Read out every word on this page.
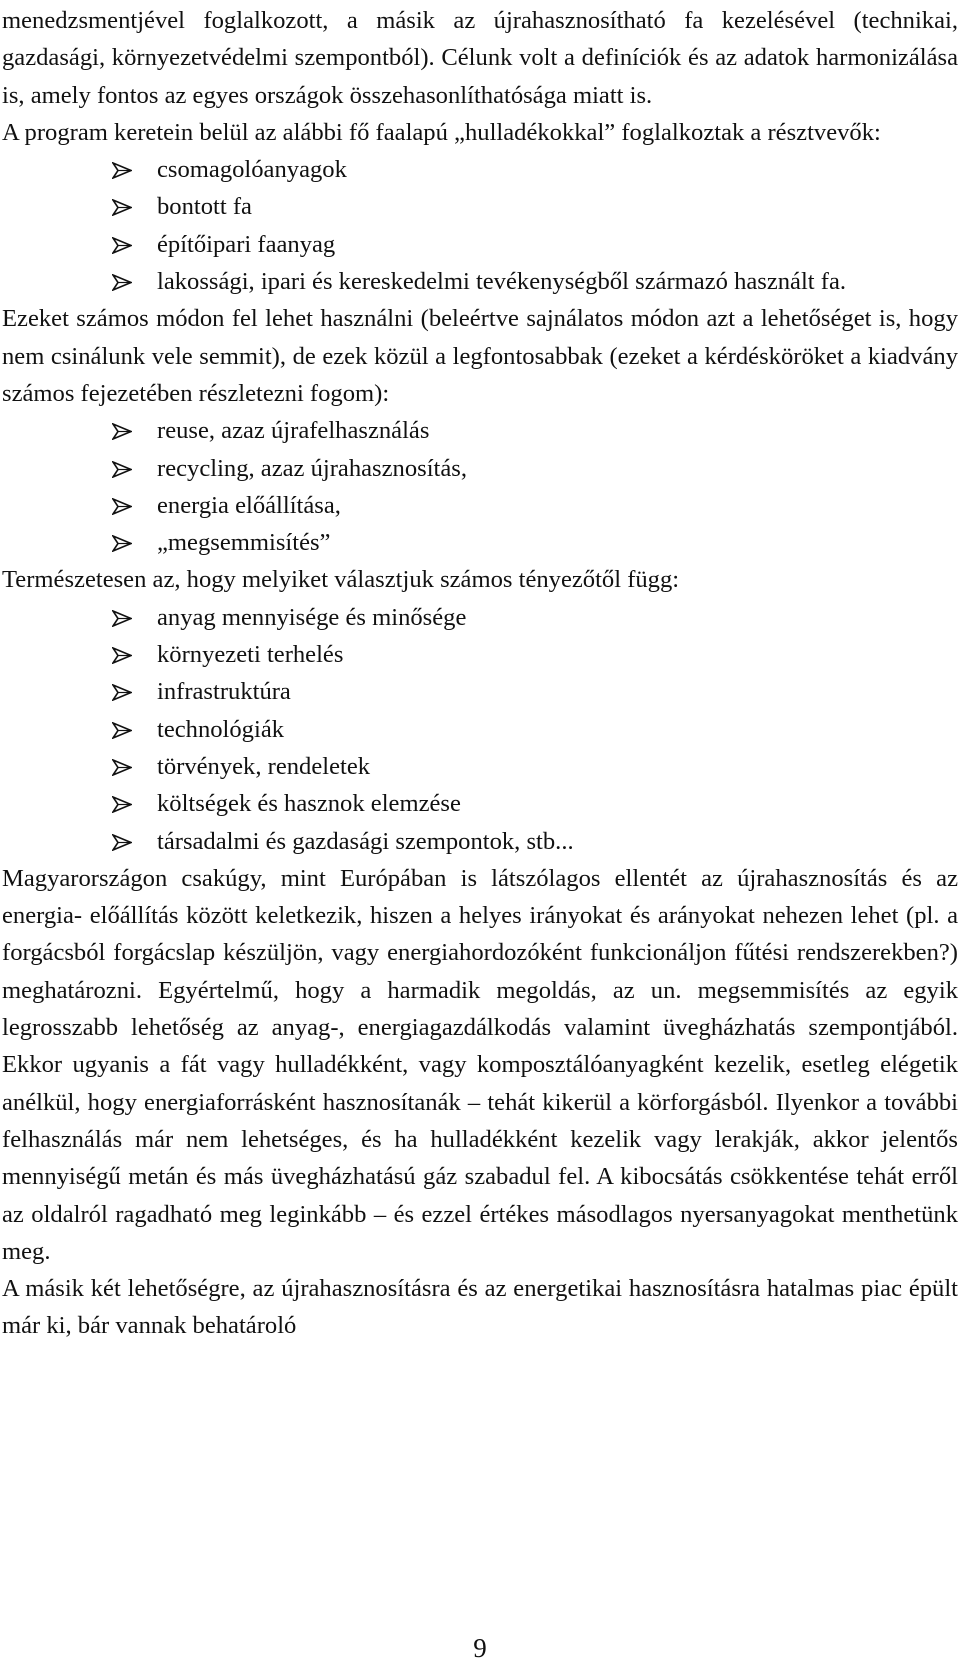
menedzsmentjével foglalkozott, a másik az újrahasznosítható fa kezelésével (technikai, gazdasági, környezetvédelmi szempontból). Célunk volt a definíciók és az adatok harmonizálása is, amely fontos az egyes országok összehasonlíthatósága miatt is.

A program keretein belül az alábbi fő faalapú „hulladékokkal” foglalkoztak a résztvevők:

csomagolóanyagok
bontott fa
építőipari faanyag
lakossági, ipari és kereskedelmi tevékenységből származó használt fa.

Ezeket számos módon fel lehet használni (beleértve sajnálatos módon azt a lehetőséget is, hogy nem csinálunk vele semmit), de ezek közül a legfontosabbak (ezeket a kérdésköröket a kiadvány számos fejezetében részletezni fogom):

reuse, azaz újrafelhasználás
recycling, azaz újrahasznosítás,
energia előállítása,
„megsemmisítés”

Természetesen az, hogy melyiket választjuk számos tényezőtől függ:

anyag mennyisége és minősége
környezeti terhelés
infrastruktúra
technológiák
törvények, rendeletek
költségek és hasznok elemzése
társadalmi és gazdasági szempontok, stb...

Magyarországon csakúgy, mint Európában is látszólagos ellentét az újrahasznosítás és az energia- előállítás között keletkezik, hiszen a helyes irányokat és arányokat nehezen lehet (pl. a forgácsból forgácslap készüljön, vagy energiahordozóként funkcionáljon fűtési rendszerekben?) meghatározni. Egyértelmű, hogy a harmadik megoldás, az un. megsemmisítés az egyik legrosszabb lehetőség az anyag-, energiagazdálkodás valamint üvegházhatás szempontjából. Ekkor ugyanis a fát vagy hulladékként, vagy komposztálóanyagként kezelik, esetleg elégetik anélkül, hogy energiaforrásként hasznosítanák – tehát kikerül a körforgásból. Ilyenkor a további felhasználás már nem lehetséges, és ha hulladékként kezelik vagy lerakják, akkor jelentős mennyiségű metán és más üvegházhatású gáz szabadul fel. A kibocsátás csökkentése tehát erről az oldalról ragadható meg leginkább – és ezzel értékes másodlagos nyersanyagokat menthetünk meg.

A másik két lehetőségre, az újrahasznosításra és az energetikai hasznosításra hatalmas piac épült már ki, bár vannak behatároló

9
